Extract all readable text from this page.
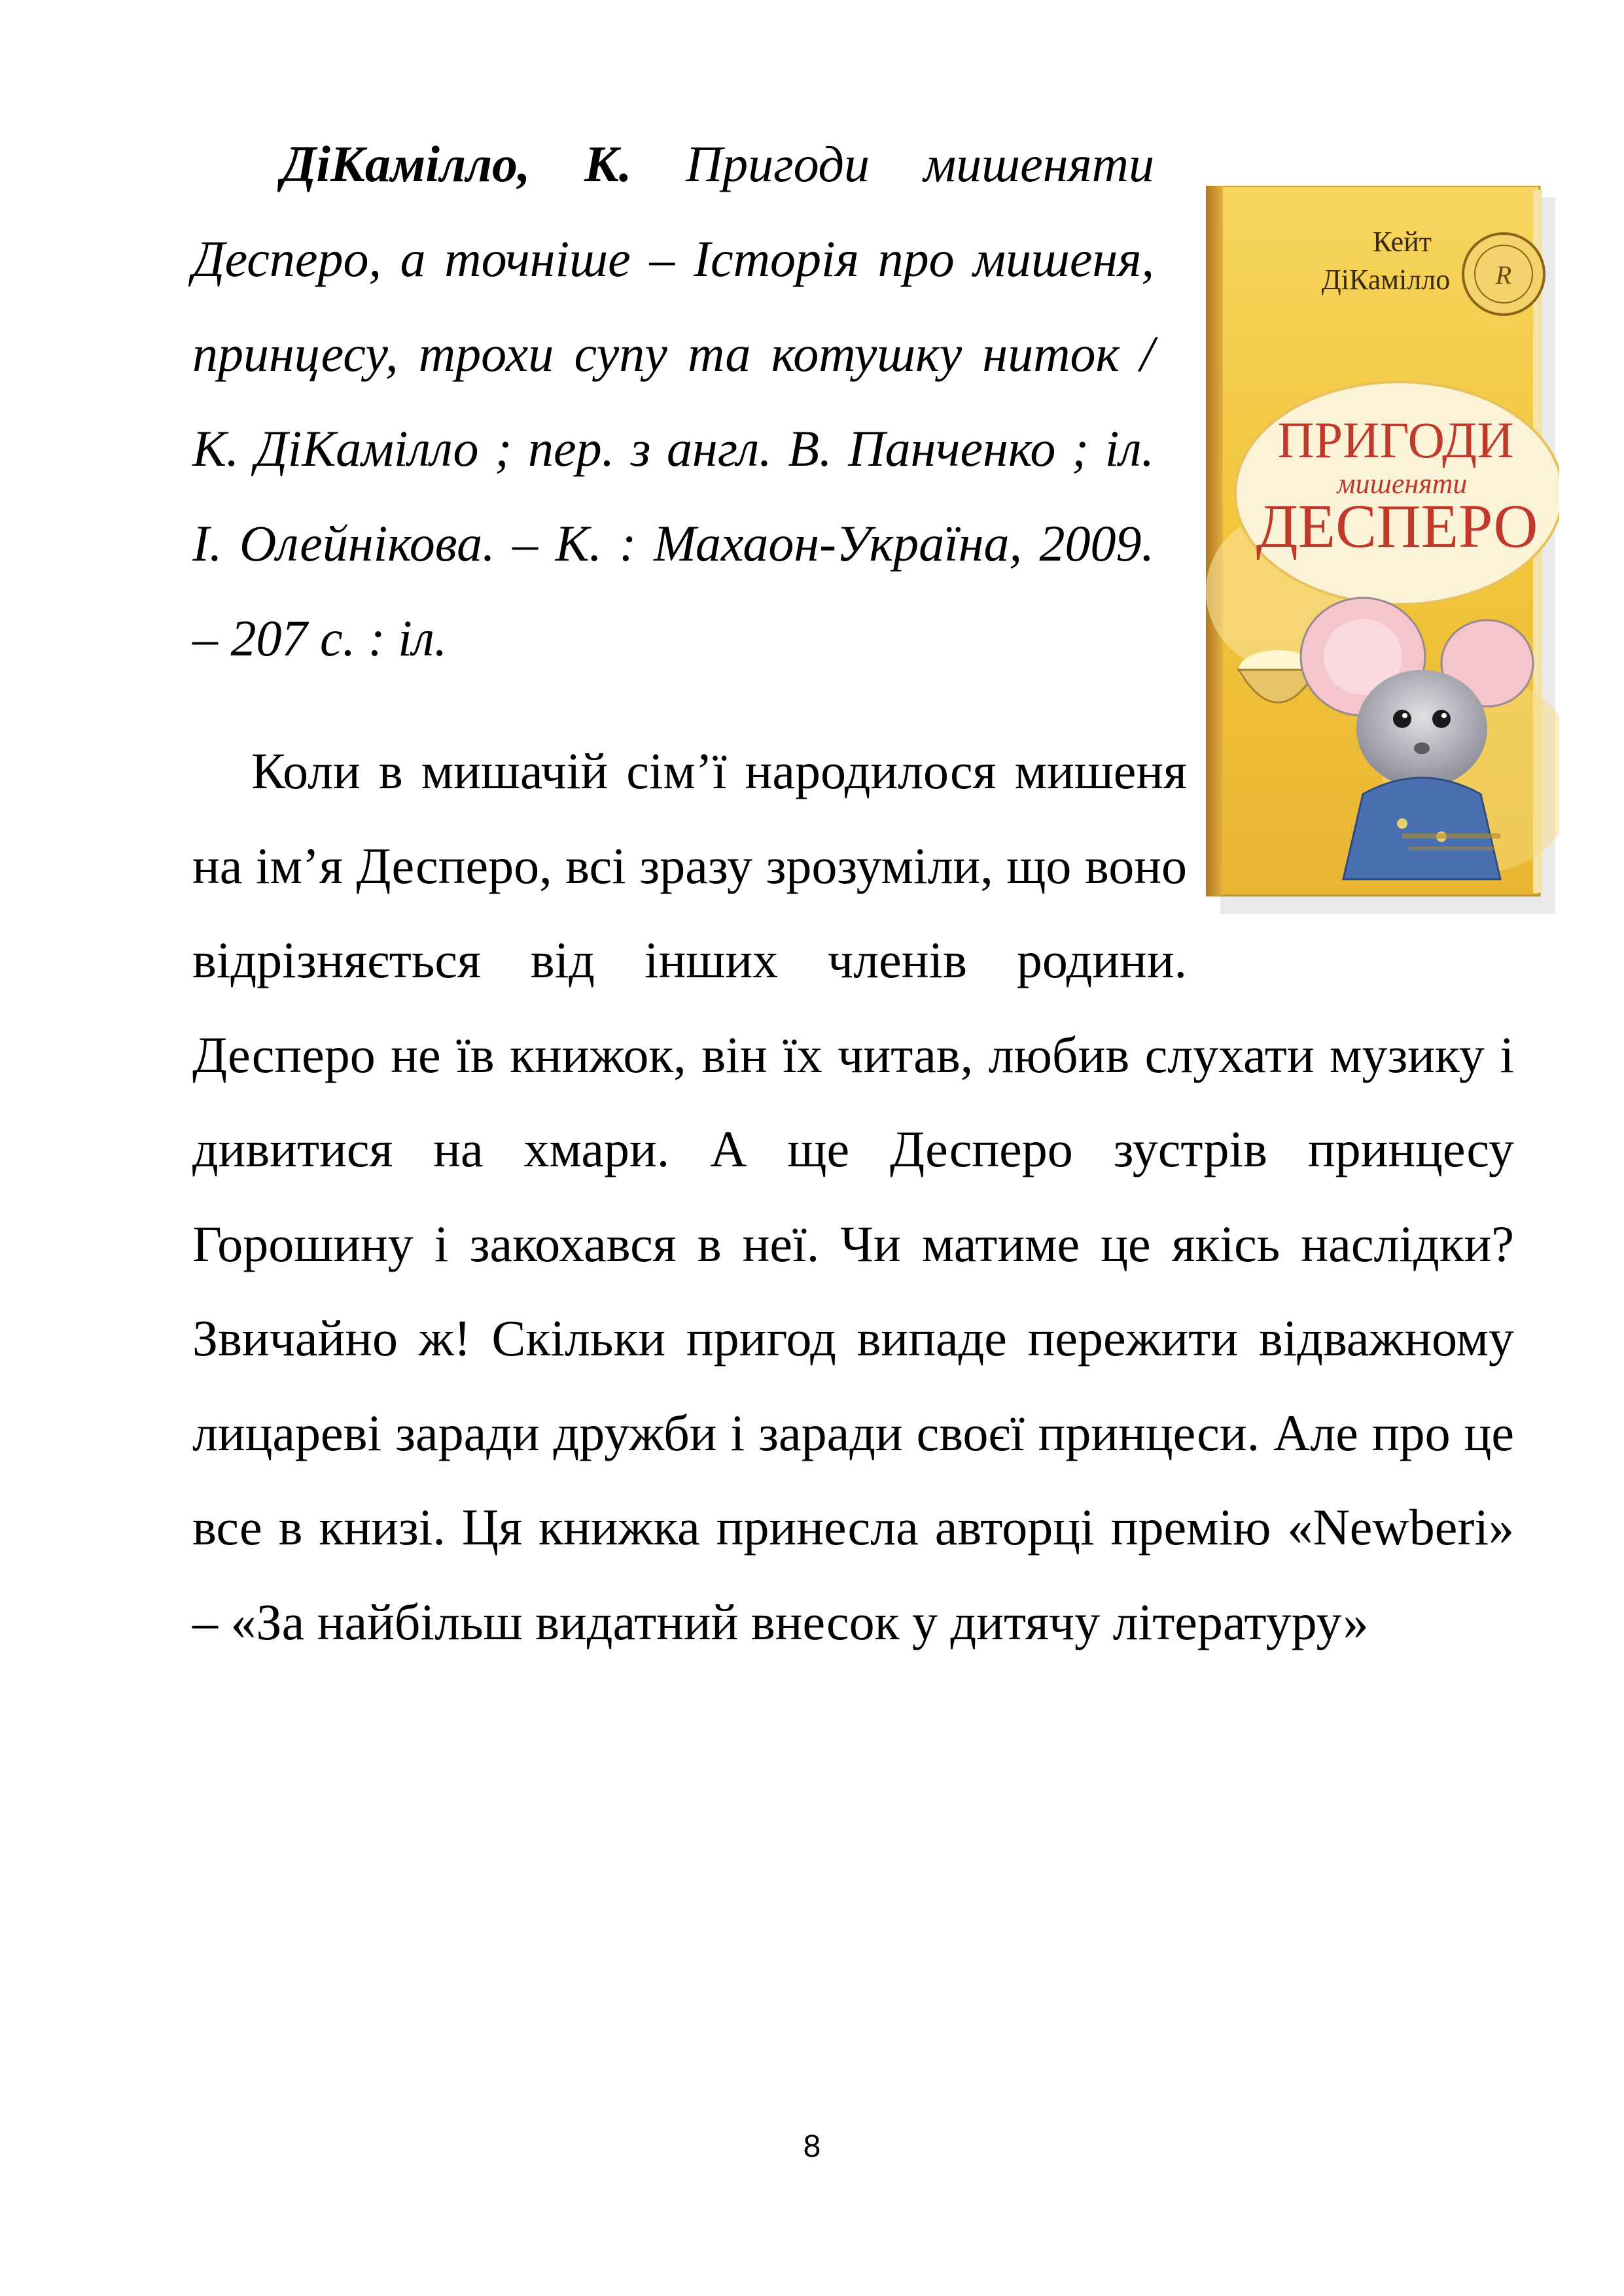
ДіКамілло, К. Пригоди мишеняти Десперо, а точніше – Історія про мишеня, принцесу, трохи супу та котушку ниток / К. ДіКамілло ; пер. з англ. В. Панченко ; іл. І. Олейнікова. – К. : Махаон-Україна, 2009. – 207 с. : іл.

Кейт
ДіКамілло R
ПРИГОДИ
мишеняти
ДЕСПЕРО

Коли в мишачій сім’ї народилося мишеня на ім’я Десперо, всі зразу зрозуміли, що воно відрізняється від інших членів родини. Десперо не їв книжок, він їх читав, любив слухати музику і дивитися на хмари. А ще Десперо зустрів принцесу Горошину і закохався в неї. Чи матиме це якісь наслідки? Звичайно ж! Скільки пригод випаде пережити відважному лицареві заради дружби і заради своєї принцеси. Але про це все в книзі. Ця книжка принесла авторці премію «Newberi» – «За найбільш видатний внесок у дитячу літературу»

8
